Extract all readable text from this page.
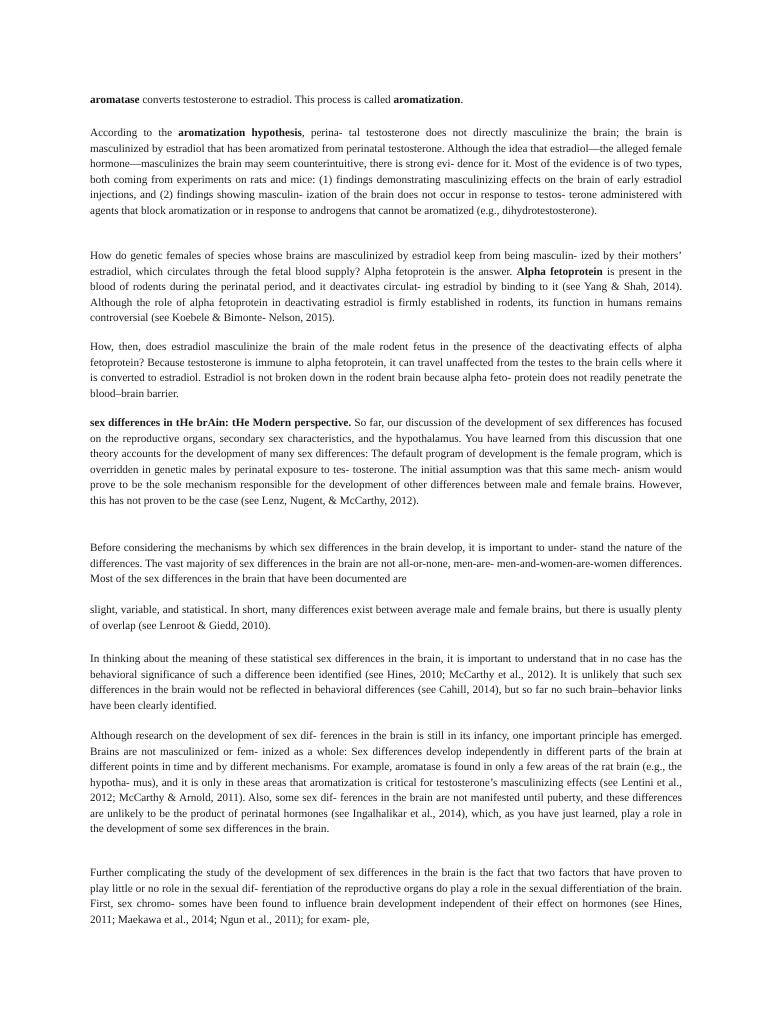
aromatase converts testosterone to estradiol. This process is called aromatization.

According to the aromatization hypothesis, perina- tal testosterone does not directly masculinize the brain; the brain is masculinized by estradiol that has been aromatized from perinatal testosterone. Although the idea that estradiol—the alleged female hormone—masculinizes the brain may seem counterintuitive, there is strong evi- dence for it. Most of the evidence is of two types, both coming from experiments on rats and mice: (1) findings demonstrating masculinizing effects on the brain of early estradiol injections, and (2) findings showing masculin- ization of the brain does not occur in response to testos- terone administered with agents that block aromatization or in response to androgens that cannot be aromatized (e.g., dihydrotestosterone).

How do genetic females of species whose brains are masculinized by estradiol keep from being masculin- ized by their mothers’ estradiol, which circulates through the fetal blood supply? Alpha fetoprotein is the answer. Alpha fetoprotein is present in the blood of rodents during the perinatal period, and it deactivates circulat- ing estradiol by binding to it (see Yang & Shah, 2014). Although the role of alpha fetoprotein in deactivating estradiol is firmly established in rodents, its function in humans remains controversial (see Koebele & Bimonte- Nelson, 2015).

How, then, does estradiol masculinize the brain of the male rodent fetus in the presence of the deactivating effects of alpha fetoprotein? Because testosterone is immune to alpha fetoprotein, it can travel unaffected from the testes to the brain cells where it is converted to estradiol. Estradiol is not broken down in the rodent brain because alpha feto- protein does not readily penetrate the blood–brain barrier.

sex differences in tHe brAin: tHe Modern perspective. So far, our discussion of the development of sex differences has focused on the reproductive organs, secondary sex characteristics, and the hypothalamus. You have learned from this discussion that one theory accounts for the development of many sex differences: The default program of development is the female program, which is overridden in genetic males by perinatal exposure to tes- tosterone. The initial assumption was that this same mech- anism would prove to be the sole mechanism responsible for the development of other differences between male and female brains. However, this has not proven to be the case (see Lenz, Nugent, & McCarthy, 2012).

Before considering the mechanisms by which sex differences in the brain develop, it is important to under- stand the nature of the differences. The vast majority of sex differences in the brain are not all-or-none, men-are- men-and-women-are-women differences. Most of the sex differences in the brain that have been documented are

slight, variable, and statistical. In short, many differences exist between average male and female brains, but there is usually plenty of overlap (see Lenroot & Giedd, 2010).

In thinking about the meaning of these statistical sex differences in the brain, it is important to understand that in no case has the behavioral significance of such a difference been identified (see Hines, 2010; McCarthy et al., 2012). It is unlikely that such sex differences in the brain would not be reflected in behavioral differences (see Cahill, 2014), but so far no such brain–behavior links have been clearly identified.

Although research on the development of sex dif- ferences in the brain is still in its infancy, one important principle has emerged. Brains are not masculinized or fem- inized as a whole: Sex differences develop independently in different parts of the brain at different points in time and by different mechanisms. For example, aromatase is found in only a few areas of the rat brain (e.g., the hypotha- mus), and it is only in these areas that aromatization is critical for testosterone’s masculinizing effects (see Lentini et al., 2012; McCarthy & Arnold, 2011). Also, some sex dif- ferences in the brain are not manifested until puberty, and these differences are unlikely to be the product of perinatal hormones (see Ingalhalikar et al., 2014), which, as you have just learned, play a role in the development of some sex differences in the brain.

Further complicating the study of the development of sex differences in the brain is the fact that two factors that have proven to play little or no role in the sexual dif- ferentiation of the reproductive organs do play a role in the sexual differentiation of the brain. First, sex chromo- somes have been found to influence brain development independent of their effect on hormones (see Hines, 2011; Maekawa et al., 2014; Ngun et al., 2011); for exam- ple,
